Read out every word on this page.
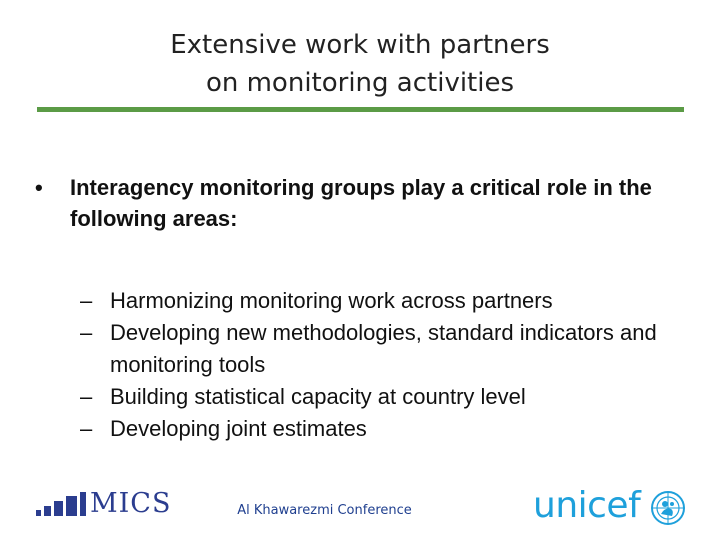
Extensive work with partners
on monitoring activities
• Interagency monitoring groups play a critical role in the following areas:
– Harmonizing monitoring work across partners
– Developing new methodologies, standard indicators and monitoring tools
– Building statistical capacity at country level
– Developing joint estimates
MICS	Al Khawarezmi Conference	unicef
